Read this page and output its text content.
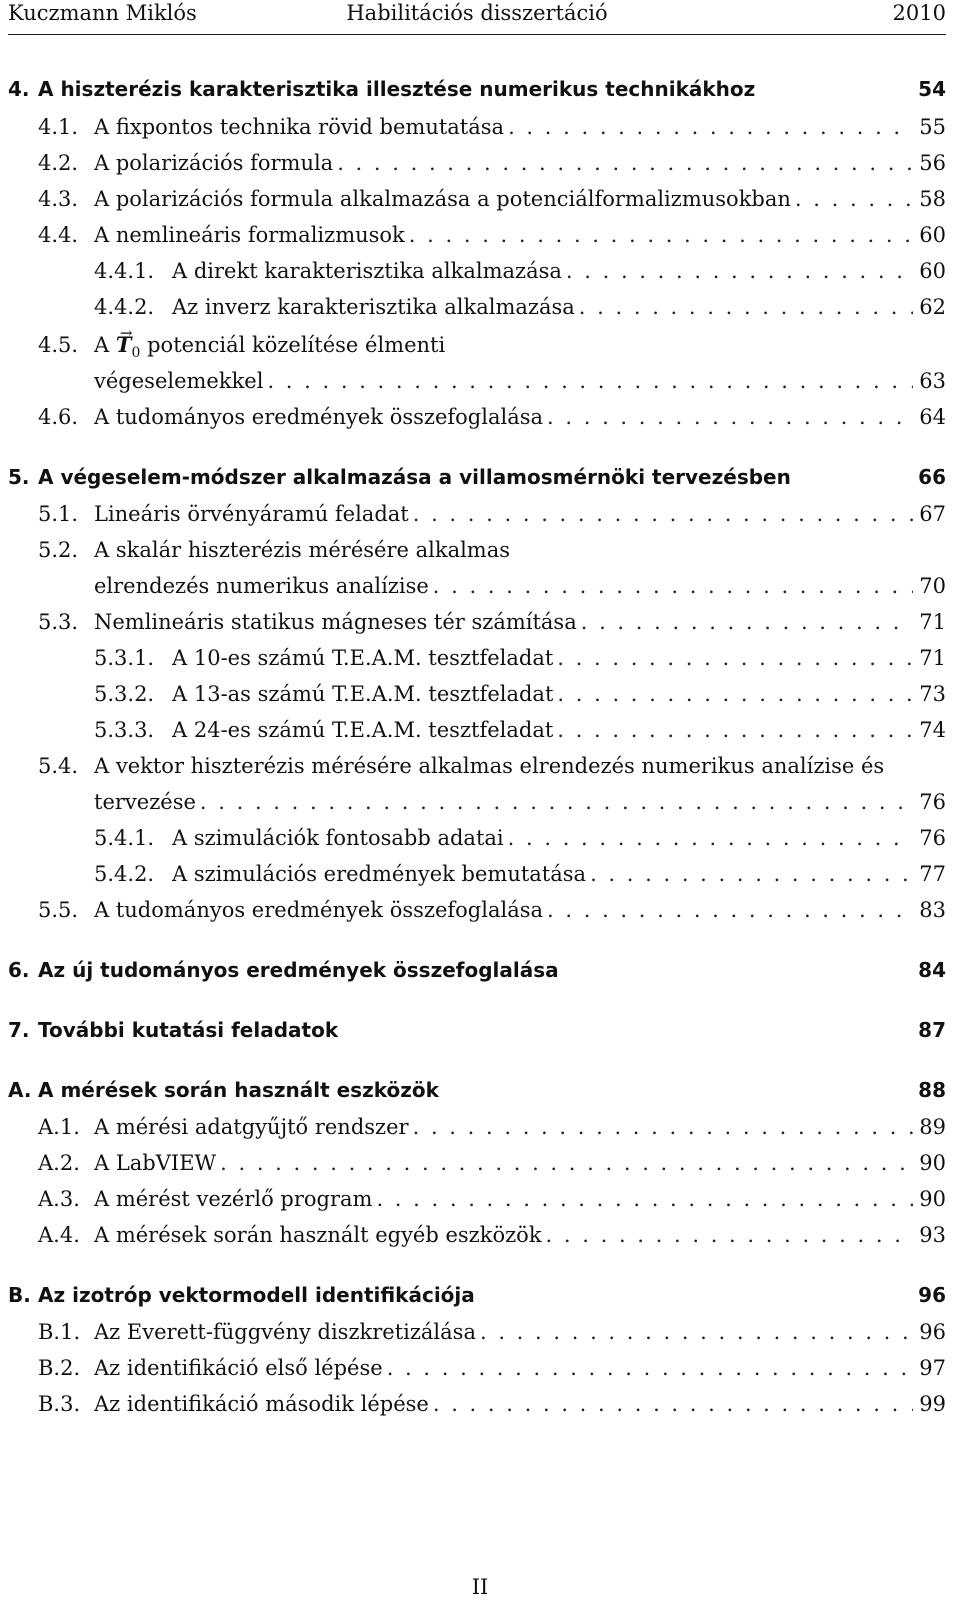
Kuczmann Miklós	Habilitációs disszertáció	2010
4. A hiszterézis karakterisztika illesztése numerikus technikákhoz	54
4.1. A fixpontos technika rövid bemutatása . . .	55
4.2. A polarizációs formula . . .	56
4.3. A polarizációs formula alkalmazása a potenciálformalizmusokban . . .	58
4.4. A nemlineáris formalizmusok . . .	60
4.4.1. A direkt karakterisztika alkalmazása . . .	60
4.4.2. Az inverz karakterisztika alkalmazása . . .	62
4.5. $A \to T_0$ potenciál közelítése élmenti
végeselemekkel . . .	63
4.6. A tudományos eredmények összefoglalása . . .	64
5. A végeselem-módszer alkalmazása a villamosmérnöki tervezésben	66
5.1. Lineáris örvényáramú feladat . . .	67
5.2. A skalár hiszterézis mérésére alkalmas
elrendezés numerikus analízise . . .	70
5.3. Nemlineáris statikus mágneses tér számítása . . .	71
5.3.1. A 10-es számú T.E.A.M. tesztfeladat . . .	71
5.3.2. A 13-as számú T.E.A.M. tesztfeladat . . .	73
5.3.3. A 24-es számú T.E.A.M. tesztfeladat . . .	74
5.4. A vektor hiszterézis mérésére alkalmas elrendezés numerikus analízise és
tervezése . . .	76
5.4.1. A szimulációk fontosabb adatai . . .	76
5.4.2. A szimulációs eredmények bemutatása . . .	77
5.5. A tudományos eredmények összefoglalása . . .	83
6. Az új tudományos eredmények összefoglalása	84
7. További kutatási feladatok	87
A. A mérések során használt eszközök	88
A.1. A mérési adatgyűjtő rendszer . . .	89
A.2. A LabVIEW . . .	90
A.3. A mérést vezérlő program . . .	90
A.4. A mérések során használt egyéb eszközök . . .	93
B. Az izotróp vektormodell identifikációja	96
B.1. Az Everett-függvény diszkretizálása . . .	96
B.2. Az identifikáció első lépése . . .	97
B.3. Az identifikáció második lépése . . .	99
II
